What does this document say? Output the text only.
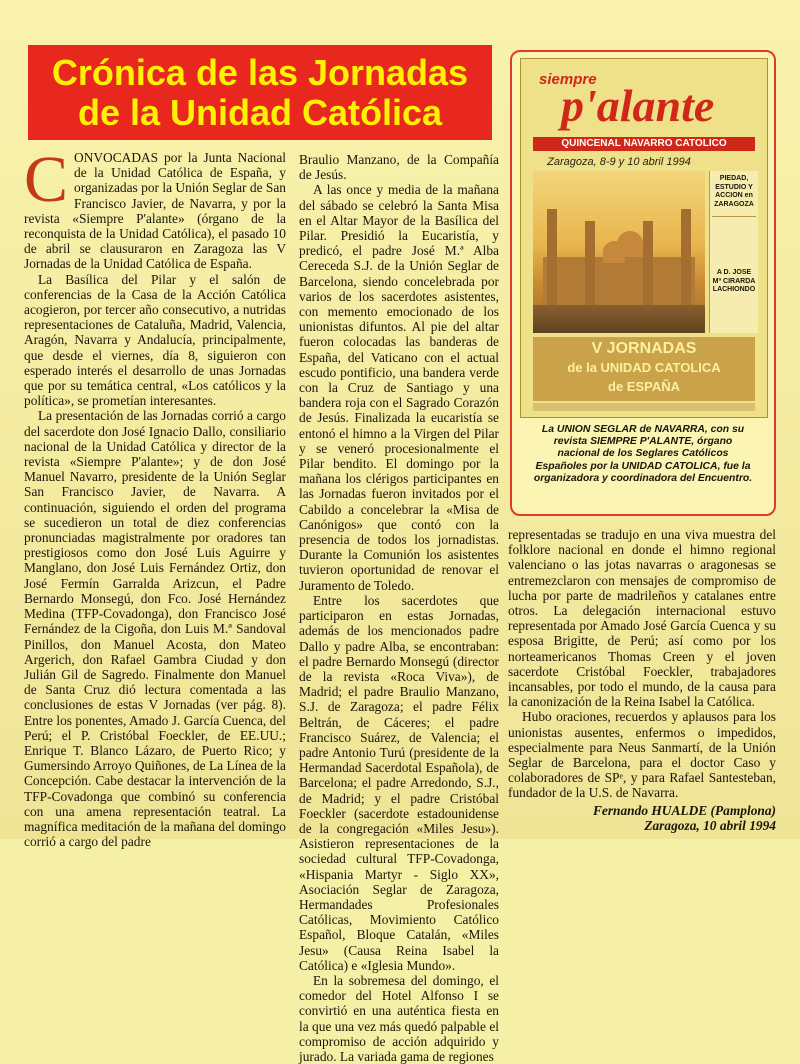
Crónica de las Jornadas
de la Unidad Católica

CONVOCADAS por la Junta Nacional de la Unidad Católica de España, y organizadas por la Unión Seglar de San Francisco Javier, de Navarra, y por la revista «Siempre P'alante» (órgano de la reconquista de la Unidad Católica), el pasado 10 de abril se clausuraron en Zaragoza las V Jornadas de la Unidad Católica de España.

La Basílica del Pilar y el salón de conferencias de la Casa de la Acción Católica acogieron, por tercer año consecutivo, a nutridas representaciones de Cataluña, Madrid, Valencia, Aragón, Navarra y Andalucía, principalmente, que desde el viernes, día 8, siguieron con esperado interés el desarrollo de unas Jornadas que por su temática central, «Los católicos y la política», se prometían interesantes.

La presentación de las Jornadas corrió a cargo del sacerdote don José Ignacio Dallo, consiliario nacional de la Unidad Católica y director de la revista «Siempre P'alante»; y de don José Manuel Navarro, presidente de la Unión Seglar San Francisco Javier, de Navarra. A continuación, siguiendo el orden del programa se sucedieron un total de diez conferencias pronunciadas magistralmente por oradores tan prestigiosos como don José Luis Aguirre y Manglano, don José Luis Fernández Ortiz, don José Fermín Garralda Arizcun, el Padre Bernardo Monsegú, don Fco. José Hernández Medina (TFP-Covadonga), don Francisco José Fernández de la Cigoña, don Luis M.ª Sandoval Pinillos, don Manuel Acosta, don Mateo Argerich, don Rafael Gambra Ciudad y don Julián Gil de Sagredo. Finalmente don Manuel de Santa Cruz dió lectura comentada a las conclusiones de estas V Jornadas (ver pág. 8). Entre los ponentes, Amado J. García Cuenca, del Perú; el P. Cristóbal Foeckler, de EE.UU.; Enrique T. Blanco Lázaro, de Puerto Rico; y Gumersindo Arroyo Quiñones, de La Línea de la Concepción. Cabe destacar la intervención de la TFP-Covadonga que combinó su conferencia con una amena representación teatral. La magnífica meditación de la mañana del domingo corrió a cargo del padre

Braulio Manzano, de la Compañía de Jesús.

A las once y media de la mañana del sábado se celebró la Santa Misa en el Altar Mayor de la Basílica del Pilar. Presidió la Eucaristía, y predicó, el padre José M.ª Alba Cereceda S.J. de la Unión Seglar de Barcelona, siendo concelebrada por varios de los sacerdotes asistentes, con memento emocionado de los unionistas difuntos. Al pie del altar fueron colocadas las banderas de España, del Vaticano con el actual escudo pontificio, una bandera verde con la Cruz de Santiago y una bandera roja con el Sagrado Corazón de Jesús. Finalizada la eucaristía se entonó el himno a la Virgen del Pilar y se veneró procesionalmente el Pilar bendito. El domingo por la mañana los clérigos participantes en las Jornadas fueron invitados por el Cabildo a concelebrar la «Misa de Canónigos» que contó con la presencia de todos los jornadistas. Durante la Comunión los asistentes tuvieron oportunidad de renovar el Juramento de Toledo.

Entre los sacerdotes que participaron en estas Jornadas, además de los mencionados padre Dallo y padre Alba, se encontraban: el padre Bernardo Monsegú (director de la revista «Roca Viva»), de Madrid; el padre Braulio Manzano, S.J. de Zaragoza; el padre Félix Beltrán, de Cáceres; el padre Francisco Suárez, de Valencia; el padre Antonio Turú (presidente de la Hermandad Sacerdotal Española), de Barcelona; el padre Arredondo, S.J., de Madrid; y el padre Cristóbal Foeckler (sacerdote estadounidense de la congregación «Miles Jesu»). Asistieron representaciones de la sociedad cultural TFP-Covadonga, «Hispania Martyr - Siglo XX», Asociación Seglar de Zaragoza, Hermandades Profesionales Católicas, Movimiento Católico Español, Bloque Catalán, «Miles Jesu» (Causa Reina Isabel la Católica) e «Iglesia Mundo».

En la sobremesa del domingo, el comedor del Hotel Alfonso I se convirtió en una auténtica fiesta en la que una vez más quedó palpable el compromiso de acción adquirido y jurado. La variada gama de regiones

representadas se tradujo en una viva muestra del folklore nacional en donde el himno regional valenciano o las jotas navarras o aragonesas se entremezclaron con mensajes de compromiso de lucha por parte de madrileños y catalanes entre otros. La delegación internacional estuvo representada por Amado José García Cuenca y su esposa Brigitte, de Perú; así como por los norteamericanos Thomas Creen y el joven sacerdote Cristóbal Foeckler, trabajadores incansables, por todo el mundo, de la causa para la canonización de la Reina Isabel la Católica.

Hubo oraciones, recuerdos y aplausos para los unionistas ausentes, enfermos o impedidos, especialmente para Neus Sanmartí, de la Unión Seglar de Barcelona, para el doctor Caso y colaboradores de SPᵉ, y para Rafael Santesteban, fundador de la U.S. de Navarra.

Fernando HUALDE (Pamplona)
Zaragoza, 10 abril 1994
siempre
p'alante
QUINCENAL NAVARRO CATOLICO
Zaragoza, 8-9 y 10 abril 1994
PIEDAD, ESTUDIO Y ACCION en ZARAGOZA
A D. JOSE Mª CIRARDA LACHIONDO
V JORNADAS
de la UNIDAD CATOLICA
de ESPAÑA
La UNION SEGLAR de NAVARRA, con su revista SIEMPRE P'ALANTE, órgano nacional de los Seglares Católicos Españoles por la UNIDAD CATOLICA, fue la organizadora y coordinadora del Encuentro.
